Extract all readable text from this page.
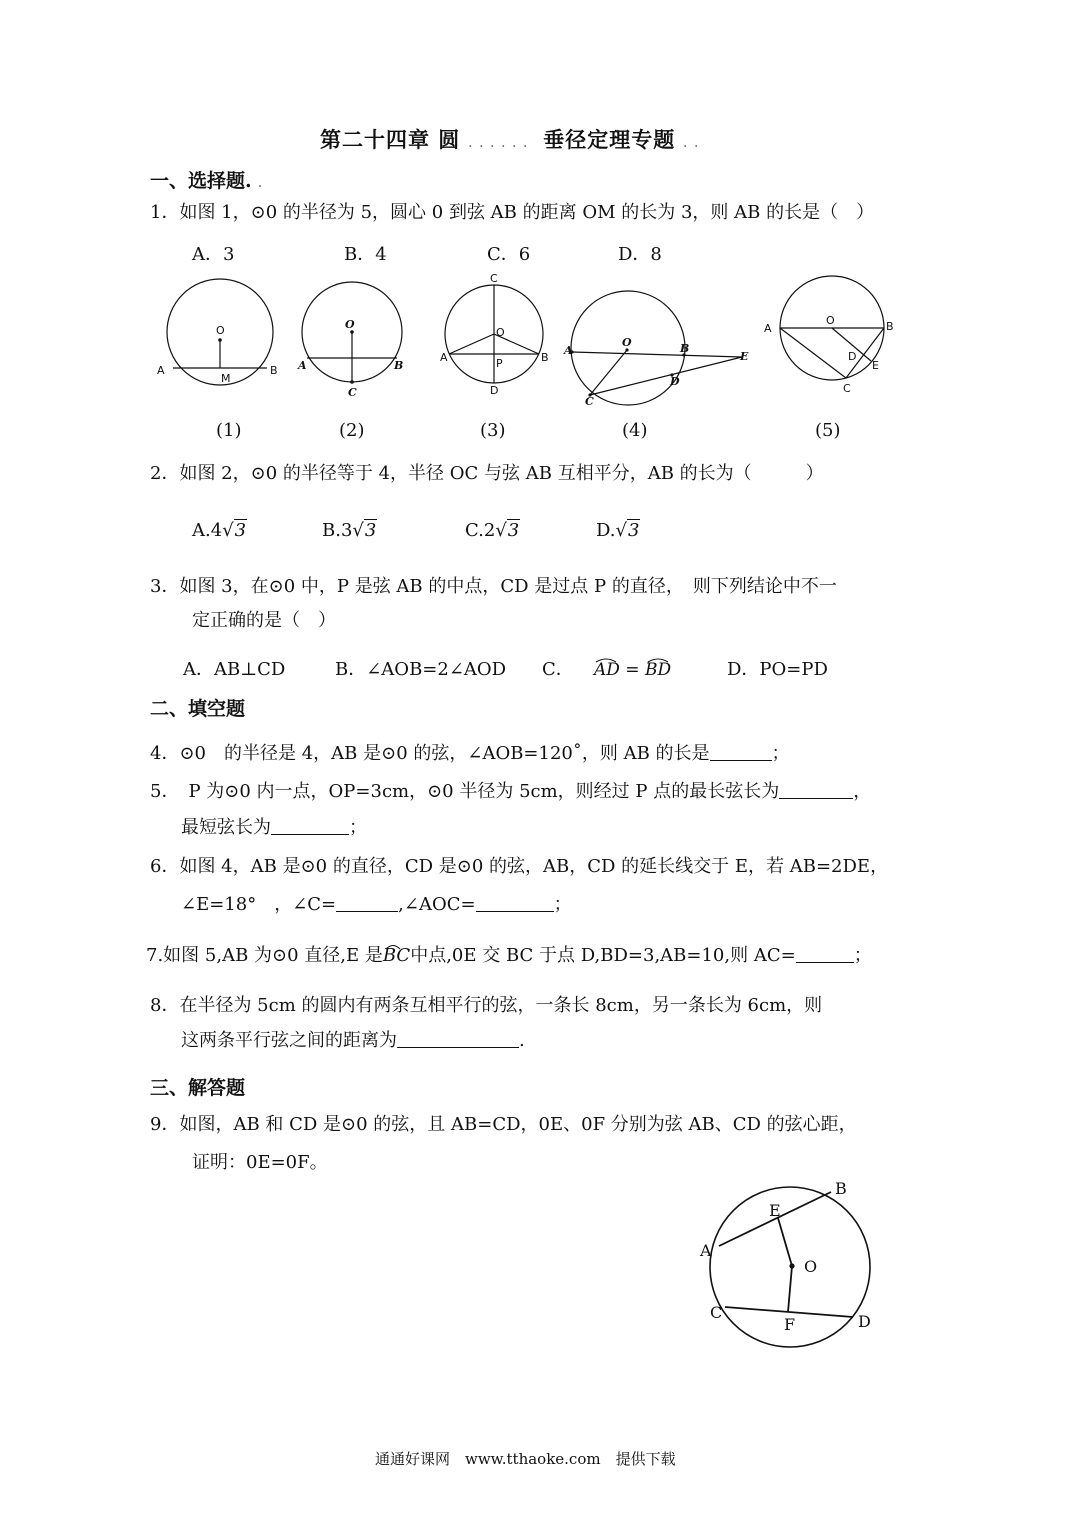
第二十四章 圆 . . . . . . 垂径定理专题 . .
一、选择题. .
1．如图 1，⊙0 的半径为 5，圆心 0 到弦 AB 的距离 OM 的长为 3，则 AB 的长是（　）
A．3	B．4	C．6	D．8
O
A	B
M
O
A	B
C
C
O
A	B
P
D
A
O	B
E
D
C
A
O	B
D
E
C
(1)	(2)	(3)	(4)	(5)
2．如图 2，⊙0 的半径等于 4，半径 OC 与弦 AB 互相平分，AB 的长为（　　　）
A.4√3	B.3√3	C.2√3	D.√3
3．如图 3，在⊙0 中，P 是弦 AB 的中点，CD 是过点 P 的直径，　则下列结论中不一
定正确的是（　）
A．AB⊥CD	B．∠AOB=2∠AOD C． AD = BD	D．PO=PD
二、填空题
4．⊙0　的半径是 4，AB 是⊙0 的弦，∠AOB=120˚，则 AB 的长是	；
5．　P 为⊙0 内一点，OP=3cm，⊙0 半径为 5cm，则经过 P 点的最长弦长为	，
最短弦长为	；
6．如图 4，AB 是⊙0 的直径，CD 是⊙0 的弦，AB，CD 的延长线交于 E，若 AB=2DE，
∠E=18°　，∠C=	,∠AOC=	；
7.如图 5,AB 为⊙0 直径,E 是
BC中点,0E 交 BC 于点 D,BD=3,AB=10,则 AC=	；
8．在半径为 5cm 的圆内有两条互相平行的弦，一条长 8cm，另一条长为 6cm，则
这两条平行弦之间的距离为	.
三、解答题
9．如图，AB 和 CD 是⊙0 的弦，且 AB=CD，0E、0F 分别为弦 AB、CD 的弦心距，
证明：0E=0F。
A
B
C	D
E
F
O
通通好课网　www.tthaoke.com　提供下载
